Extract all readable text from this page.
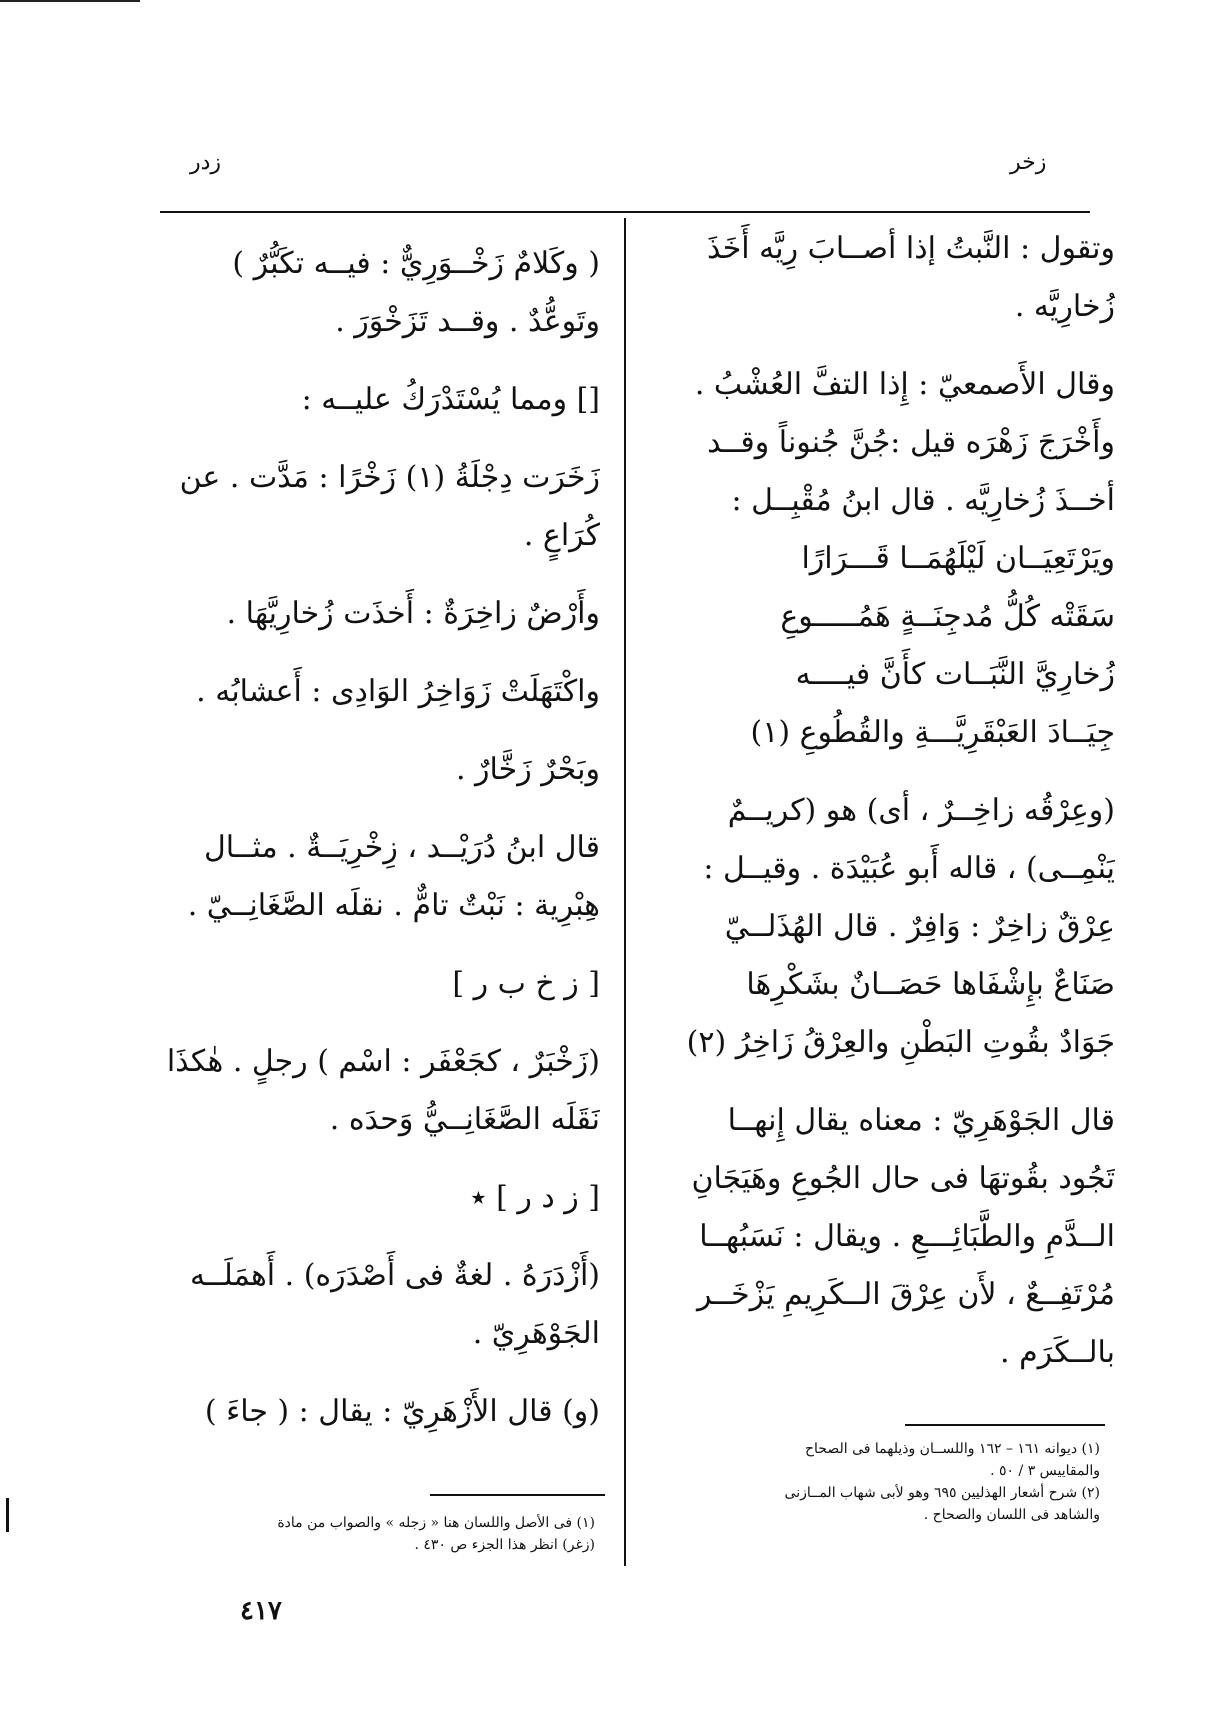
زخر
زدر
وتقول : النَّبتُ إذا أصــابَ رِيَّه أَخَذَ
زُخارِيَّه .
وقال الأَصمعيّ : إِذا التفَّ العُشْبُ .
وأَخْرَجَ زَهْرَه قيل :جُنَّ جُنوناً وقــد
أخــذَ زُخارِيَّه . قال ابنُ مُقْبِــل :
ويَرْتَعِيَــان لَيْلَهُمَــا قَـــرَارًا
سَقَتْه كُلُّ مُدجِنَــةٍ هَمُـــــوعِ
زُخارِيَّ النَّبَــات كأَنَّ فيــــه
جِيَــادَ العَبْقَرِيَّـــةِ والقُطُوعِ (١)
(وعِرْقُه زاخِــرٌ ، أى) هو (كريــمٌ
يَنْمِــى) ، قاله أَبو عُبَيْدَة . وقيــل :
عِرْقٌ زاخِرٌ : وَافِرٌ . قال الهُذَلــيّ
صَنَاعٌ بإِشْفَاها حَصَــانٌ بشَكْرِهَا
جَوَادٌ بقُوتِ البَطْنِ والعِرْقُ زَاخِرُ (٢)
قال الجَوْهَرِيّ : معناه يقال إِنهــا
تَجُود بقُوتهَا فى حال الجُوعِ وهَيَجَانِ
الــدَّمِ والطَّبَائِـــعِ . ويقال : نَسَبُهــا
مُرْتَفِــعٌ ، لأَن عِرْقَ الــكَرِيمِ يَزْخَــر
بالــكَرَم .
( وكَلامٌ زَخْــوَرِيٌّ : فيــه تكَبُّرٌ )
وتَوعُّدٌ . وقــد تَزَخْوَرَ .
[] ومما يُسْتَدْرَكُ عليــه :
زَخَرَت دِجْلَةُ (١) زَخْرًا : مَدَّت . عن
كُرَاعٍ .
وأَرْضٌ زاخِرَةٌ : أَخذَت زُخارِيَّهَا .
واكْتَهَلَتْ زَوَاخِرُ الوَادِى : أَعشابُه .
وبَحْرٌ زَخَّارٌ .
قال ابنُ دُرَيْــد ، زِخْرِيَــةٌ . مثــال
هِبْرِية : نَبْتٌ تامٌّ . نقلَه الصَّغَانِــيّ .
[ ز خ ب ر ]
(زَخْبَرٌ ، كجَعْفَر : اسْم ) رجلٍ . هٰكذَا
نَقَلَه الصَّغَانِــيُّ وَحدَه .
[ ز د ر ] ٭
(أَزْدَرَهُ . لغةٌ فى أَصْدَرَه) . أَهمَلَــه
الجَوْهَرِيّ .
(و) قال الأَزْهَرِيّ : يقال : ( جاءَ )
(١) ديوانه ١٦١ – ١٦٢ واللســان وذيلهما فى الصحاح
والمقاييس ٣ / ٥٠ .
(٢) شرح أشعار الهذليين ٦٩٥ وهو لأبى شهاب المــازنى
والشاهد فى اللسان والصحاح .
(١) فى الأصل واللسان هنا « زجله » والصواب من مادة
(زغر) انظر هذا الجزء ص ٤٣٠ .
٤١٧
